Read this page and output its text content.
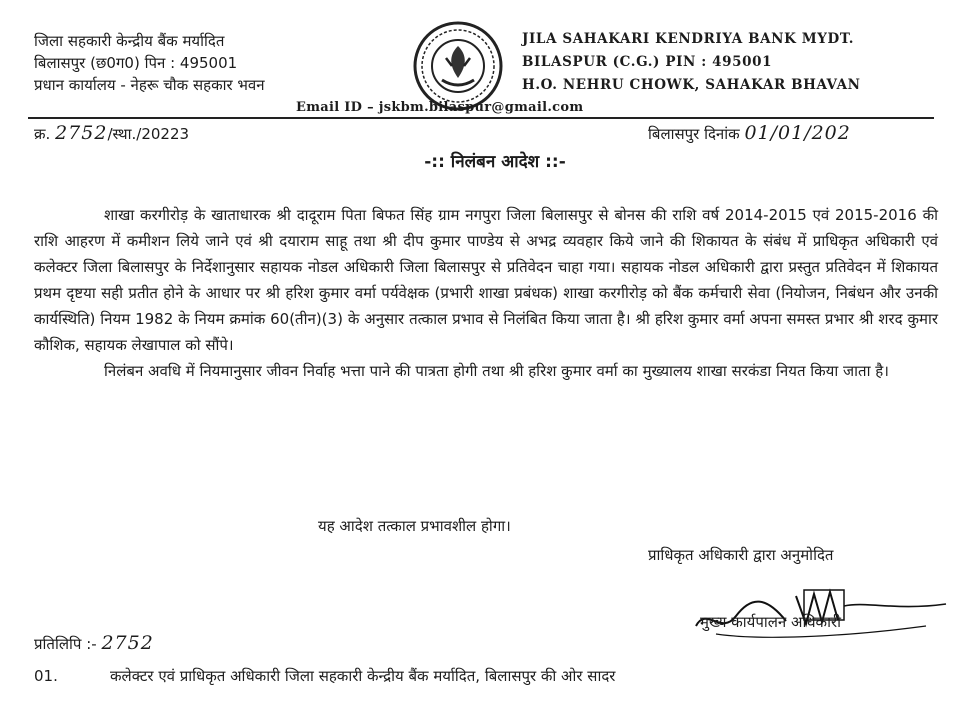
जिला सहकारी केन्द्रीय बैंक मर्यादित
बिलासपुर (छ0ग0) पिन : 495001
प्रधान कार्यालय - नेहरू चौक सहकार भवन
JILA SAHAKARI KENDRIYA BANK MYDT.
BILASPUR (C.G.) PIN : 495001
H.O. NEHRU CHOWK, SAHAKAR BHAVAN
Email ID – jskbm.bilaspur@gmail.com
क्र. 2752/स्था./20223	बिलासपुर दिनांक 01/01/202
-:: निलंबन आदेश ::-

शाखा करगीरोड़ के खाताधारक श्री दादूराम पिता बिफत सिंह ग्राम नगपुरा जिला बिलासपुर से बोनस की राशि वर्ष 2014-2015 एवं 2015-2016 की राशि आहरण में कमीशन लिये जाने एवं श्री दयाराम साहू तथा श्री दीप कुमार पाण्डेय से अभद्र व्यवहार किये जाने की शिकायत के संबंध में प्राधिकृत अधिकारी एवं कलेक्टर जिला बिलासपुर के निर्देशानुसार सहायक नोडल अधिकारी जिला बिलासपुर से प्रतिवेदन चाहा गया। सहायक नोडल अधिकारी द्वारा प्रस्तुत प्रतिवेदन में शिकायत प्रथम दृष्टया सही प्रतीत होने के आधार पर श्री हरिश कुमार वर्मा पर्यवेक्षक (प्रभारी शाखा प्रबंधक) शाखा करगीरोड़ को बैंक कर्मचारी सेवा (नियोजन, निबंधन और उनकी कार्यस्थिति) नियम 1982 के नियम क्रमांक 60(तीन)(3) के अनुसार तत्काल प्रभाव से निलंबित किया जाता है। श्री हरिश कुमार वर्मा अपना समस्त प्रभार श्री शरद कुमार कौशिक, सहायक लेखापाल को सौंपे।

निलंबन अवधि में नियमानुसार जीवन निर्वाह भत्ता पाने की पात्रता होगी तथा श्री हरिश कुमार वर्मा का मुख्यालय शाखा सरकंडा नियत किया जाता है।

यह आदेश तत्काल प्रभावशील होगा।
प्राधिकृत अधिकारी द्वारा अनुमोदित
मुख्य कार्यपालन अधिकारी
प्रतिलिपि :- 2752
01.	कलेक्टर एवं प्राधिकृत अधिकारी जिला सहकारी केन्द्रीय बैंक मर्यादित, बिलासपुर की ओर सादर
